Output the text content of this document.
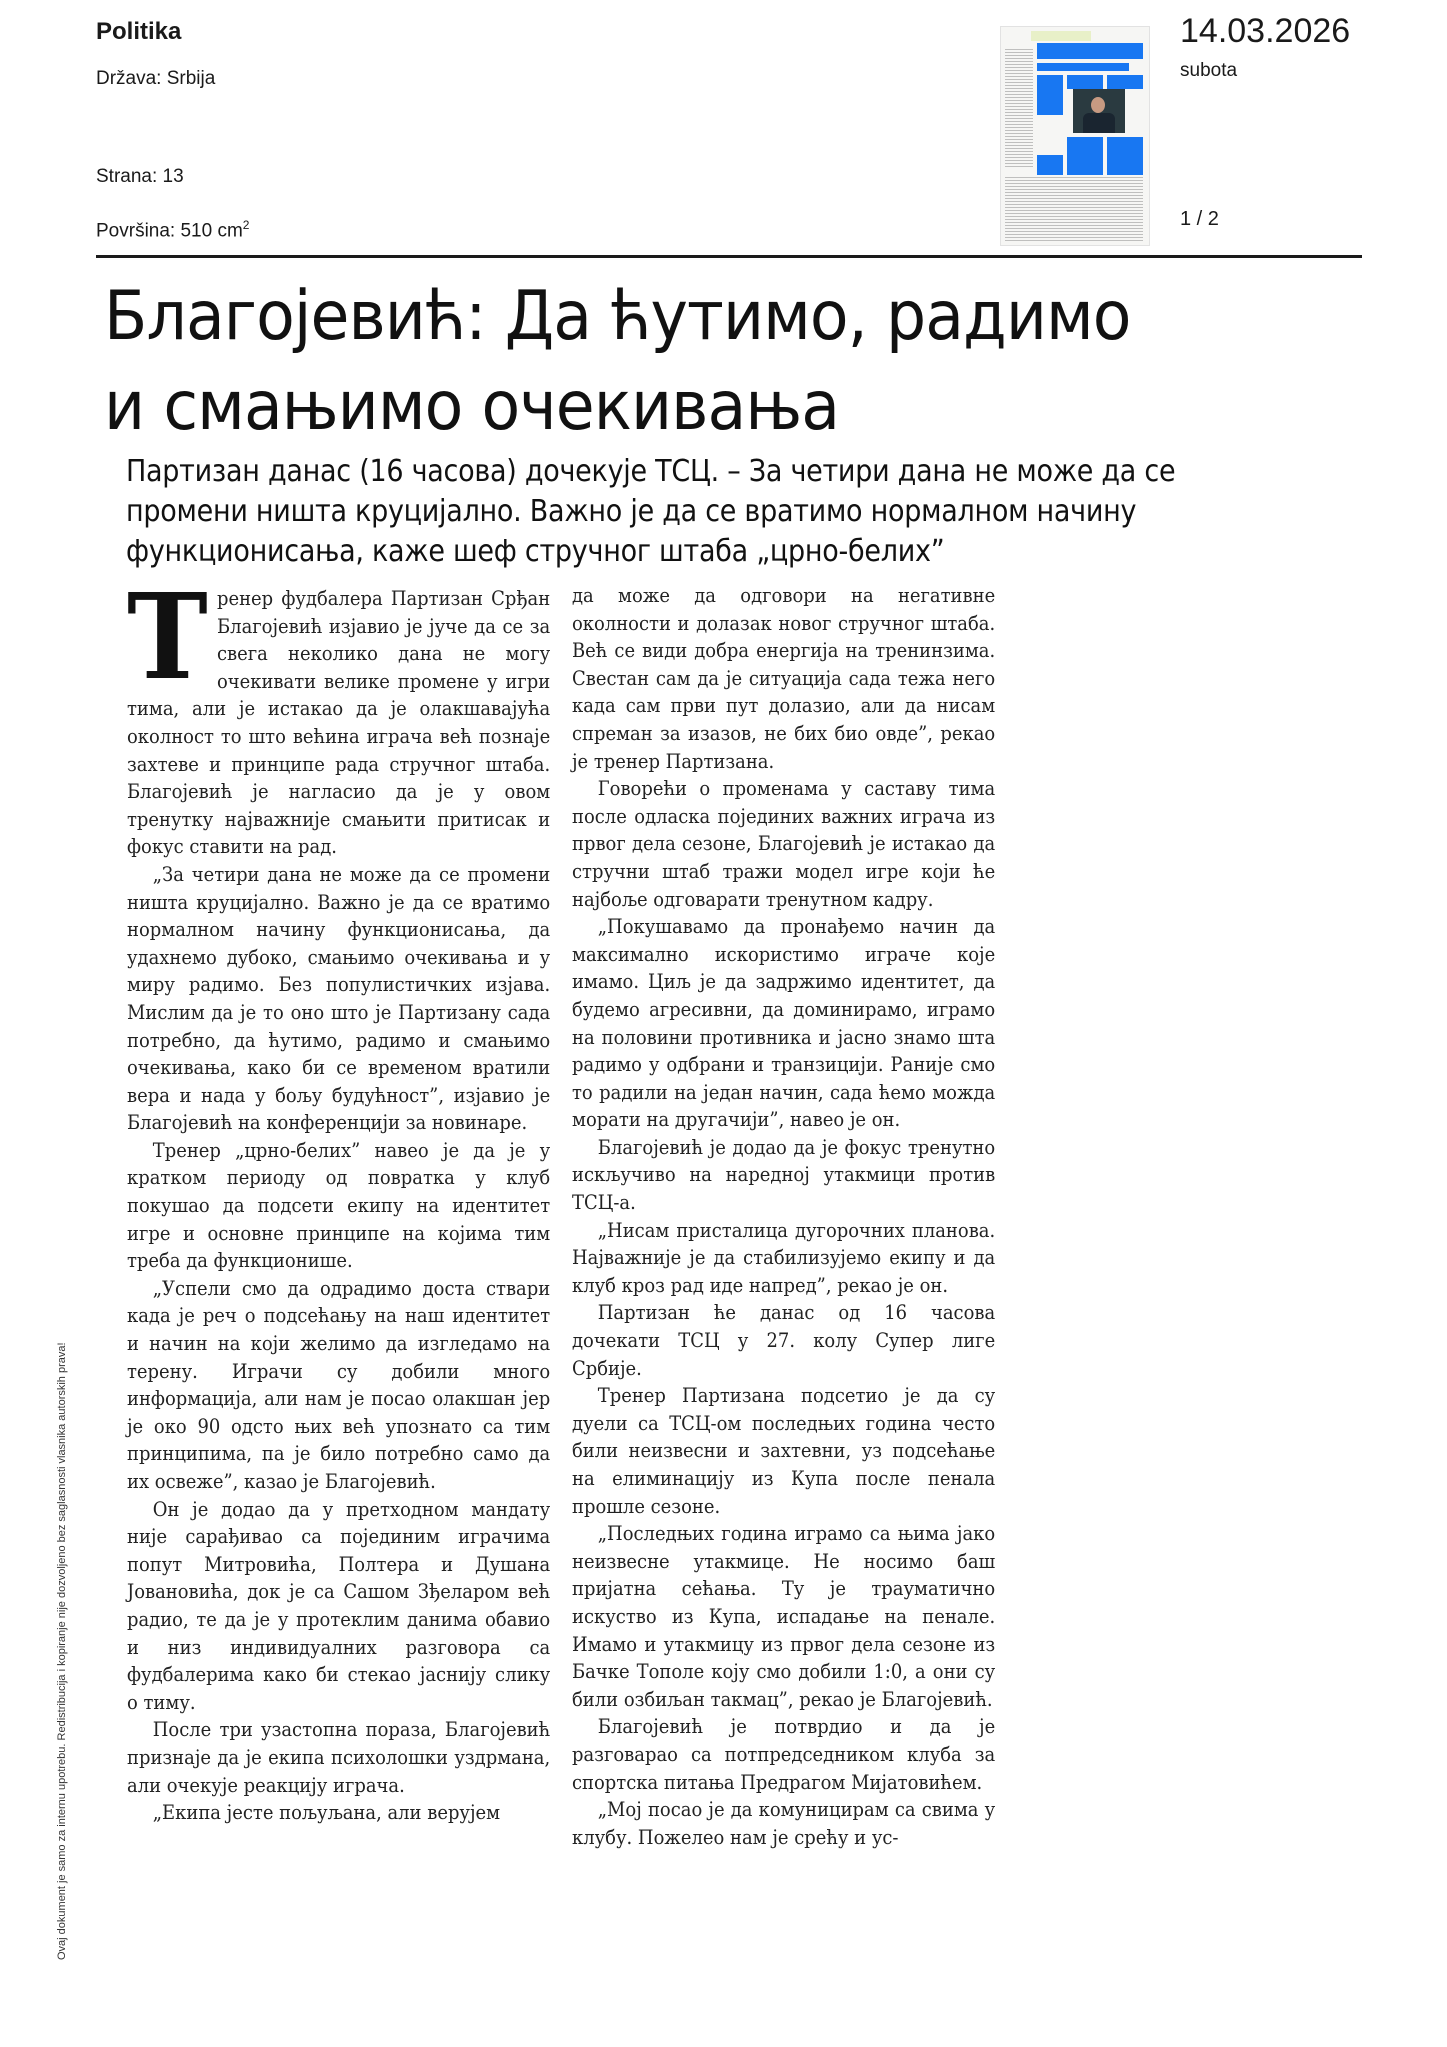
Politika
Država: Srbija
Strana: 13
Površina: 510 $cm^2$
14.03.2026
subota
1 / 2
Благојевић: Да ћутимо, радимо
и смањимо очекивања
Партизан данас (16 часова) дочекује ТСЦ. – За четири дана не може да се промени ништа круцијално. Важно је да се вратимо нормалном начину функционисања, каже шеф стручног штаба „црно-белих”

Тренер фудбалера Партизан Срђан Благојевић изјавио је јуче да се за свега неколико дана не могу очекивати велике промене у игри тима, али је истакао да је олакшавајућа околност то што већина играча већ познаје захтеве и принципе рада стручног штаба. Благојевић је нагласио да је у овом тренутку најважније смањити притисак и фокус ставити на рад.

„За четири дана не може да се промени ништа круцијално. Важно је да се вратимо нормалном начину функционисања, да удахнемо дубоко, смањимо очекивања и у миру радимо. Без популистичких изјава. Мислим да је то оно што је Партизану сада потребно, да ћутимо, радимо и смањимо очекивања, како би се временом вратили вера и нада у бољу будућност”, изјавио је Благојевић на конференцији за новинаре.

Тренер „црно-белих” навео је да је у кратком периоду од повратка у клуб покушао да подсети екипу на идентитет игре и основне принципе на којима тим треба да функционише.

„Успели смо да одрадимо доста ствари када је реч о подсећању на наш идентитет и начин на који желимо да изгледамо на терену. Играчи су добили много информација, али нам је посао олакшан јер је око 90 одсто њих већ упознато са тим принципима, па је било потребно само да их освеже”, казао је Благојевић.

Он је додао да у претходном мандату није сарађивао са појединим играчима попут Митровића, Полтера и Душана Јовановића, док је са Сашом Зђеларом већ радио, те да је у протеклим данима обавио и низ индивидуалних разговора са фудбалерима како би стекао јаснију слику о тиму.

После три узастопна пораза, Благојевић признаје да је екипа психолошки уздрмана, али очекује реакцију играча.

„Екипа јесте пољуљана, али верујем

да може да одговори на негативне околности и долазак новог стручног штаба. Већ се види добра енергија на тренинзима. Свестан сам да је ситуација сада тежа него када сам први пут долазио, али да нисам спреман за изазов, не бих био овде”, рекао је тренер Партизана.

Говорећи о променама у саставу тима после одласка појединих важних играча из првог дела сезоне, Благојевић је истакао да стручни штаб тражи модел игре који ће најбоље одговарати тренутном кадру.

„Покушавамо да пронађемо начин да максимално искористимо играче које имамо. Циљ је да задржимо идентитет, да будемо агресивни, да доминирамо, играмо на половини противника и јасно знамо шта радимо у одбрани и транзицији. Раније смо то радили на један начин, сада ћемо можда морати на другачији”, навео је он.

Благојевић је додао да је фокус тренутно искључиво на наредној утакмици против ТСЦ-а.

„Нисам присталица дугорочних планова. Најважније је да стабилизујемо екипу и да клуб кроз рад иде напред”, рекао је он.

Партизан ће данас од 16 часова дочекати ТСЦ у 27. колу Супер лиге Србије.

Тренер Партизана подсетио је да су дуели са ТСЦ-ом последњих година често били неизвесни и захтевни, уз подсећање на елиминацију из Купа после пенала прошле сезоне.

„Последњих година играмо са њима јако неизвесне утакмице. Не носимо баш пријатна сећања. Ту је трауматично искуство из Купа, испадање на пенале. Имамо и утакмицу из првог дела сезоне из Бачке Тополе коју смо добили 1:0, а они су били озбиљан такмац”, рекао је Благојевић.

Благојевић је потврдио и да је разговарао са потпредседником клуба за спортска питања Предрагом Мијатовићем.

„Мој посао је да комуницирам са свима у клубу. Пожелео нам је срећу и ус-

Ovaj dokument je samo za internu upotrebu. Redistribucija i kopiranje nije dozvoljeno bez saglasnosti vlasnika autorskih prava!
